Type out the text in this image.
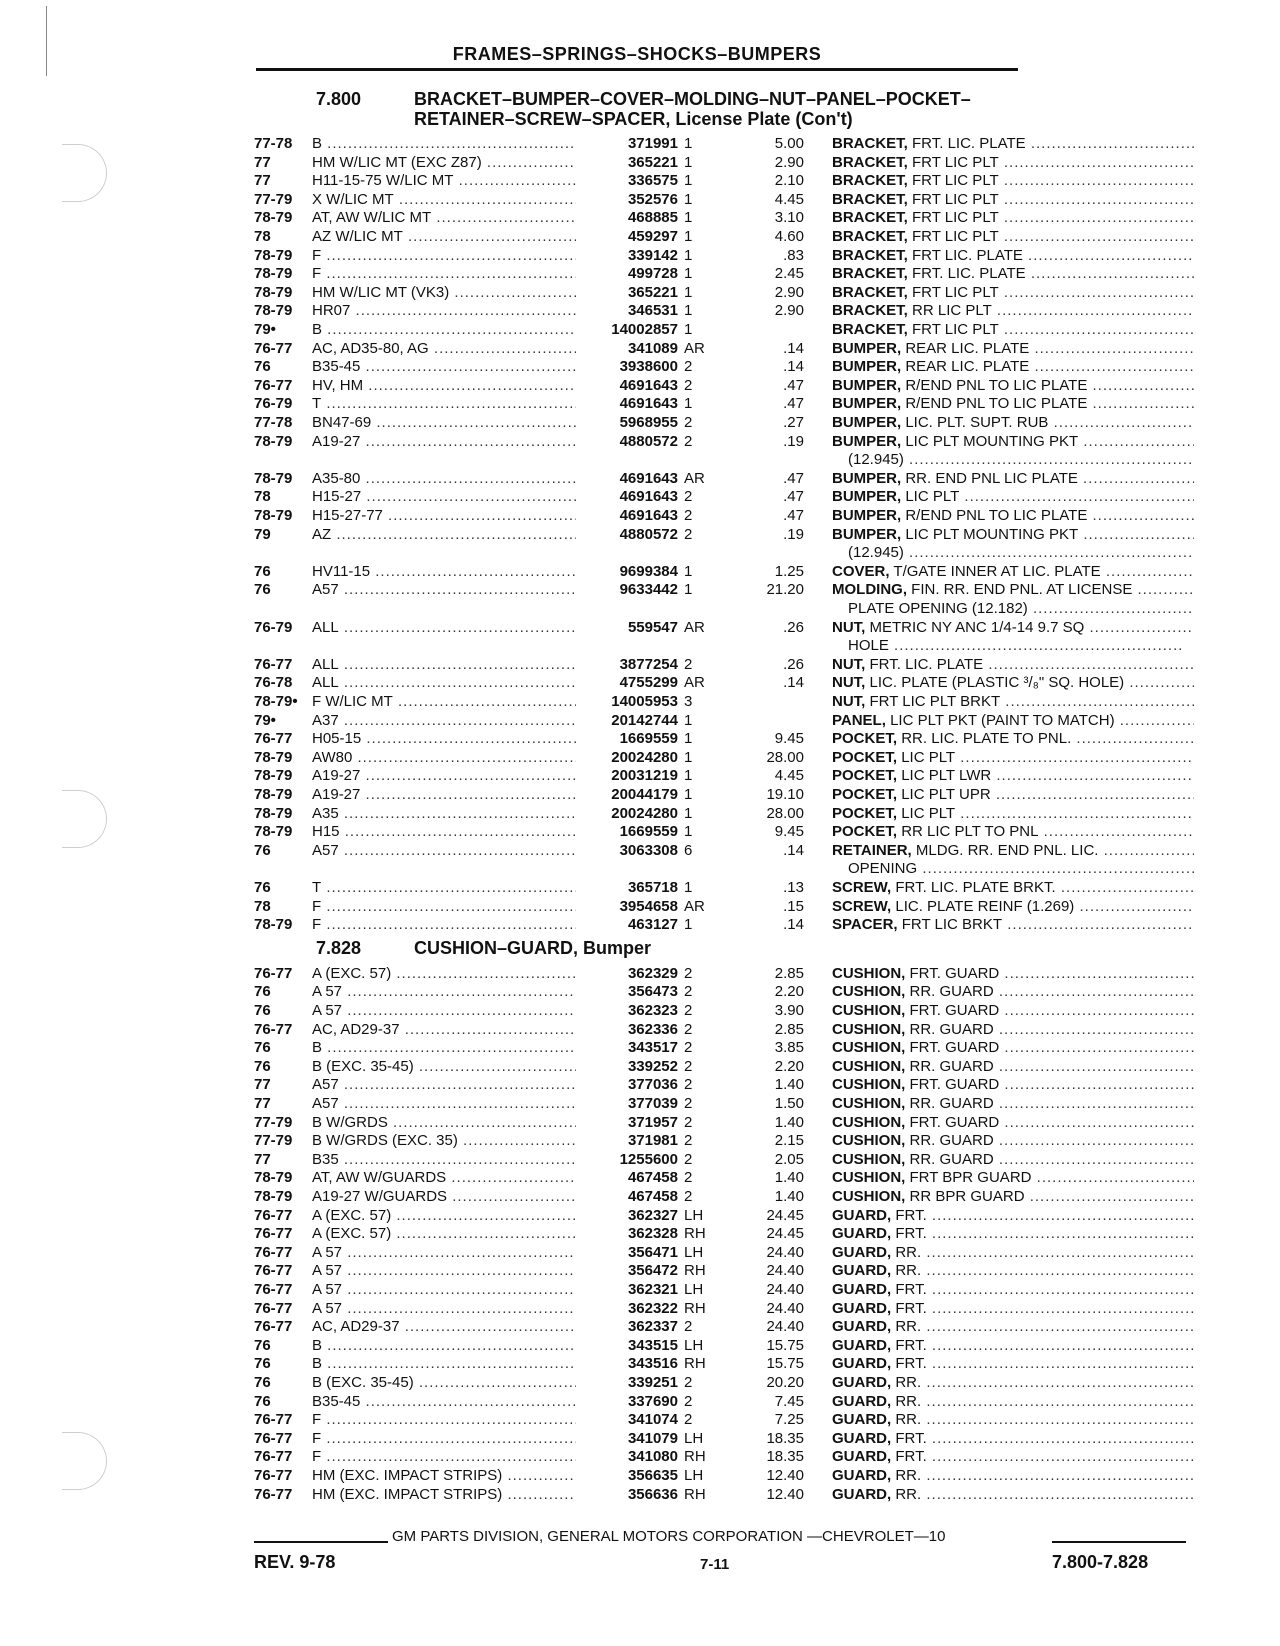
FRAMES–SPRINGS–SHOCKS–BUMPERS
7.800	BRACKET–BUMPER–COVER–MOLDING–NUT–PANEL–POCKET–
RETAINER–SCREW–SPACER, License Plate (Con't)
77-78	B .....	371991 1	5.00 BRACKET, FRT. LIC. PLATE .....
77	HM W/LIC MT (EXC Z87) .....	365221 1	2.90 BRACKET, FRT LIC PLT .....
77	H11-15-75 W/LIC MT .....	336575 1	2.10 BRACKET, FRT LIC PLT .....
77-79	X W/LIC MT .....	352576 1	4.45 BRACKET, FRT LIC PLT .....
78-79	AT, AW W/LIC MT .....	468885 1	3.10 BRACKET, FRT LIC PLT .....
78	AZ W/LIC MT .....	459297 1	4.60 BRACKET, FRT LIC PLT .....
78-79	F .....	339142 1	.83 BRACKET, FRT LIC. PLATE .....
78-79	F .....	499728 1	2.45 BRACKET, FRT. LIC. PLATE .....
78-79	HM W/LIC MT (VK3) .....	365221 1	2.90 BRACKET, FRT LIC PLT .....
78-79	HR07 .....	346531 1	2.90 BRACKET, RR LIC PLT .....
79•	B .....	14002857 1	BRACKET, FRT LIC PLT .....
76-77	AC, AD35-80, AG .....	341089 AR	.14 BUMPER, REAR LIC. PLATE .....
76	B35-45 .....	3938600 2	.14 BUMPER, REAR LIC. PLATE .....
76-77	HV, HM .....	4691643 2	.47 BUMPER, R/END PNL TO LIC PLATE .....
76-79	T .....	4691643 1	.47 BUMPER, R/END PNL TO LIC PLATE .....
77-78	BN47-69 .....	5968955 2	.27 BUMPER, LIC. PLT. SUPT. RUB .....
78-79	A19-27 .....	4880572 2	.19 BUMPER, LIC PLT MOUNTING PKT .....
(12.945) .....
78-79	A35-80 .....	4691643 AR	.47 BUMPER, RR. END PNL LIC PLATE .....
78	H15-27 .....	4691643 2	.47 BUMPER, LIC PLT .....
78-79	H15-27-77 .....	4691643 2	.47 BUMPER, R/END PNL TO LIC PLATE .....
79	AZ .....	4880572 2	.19 BUMPER, LIC PLT MOUNTING PKT .....
(12.945) .....
76	HV11-15 .....	9699384 1	1.25 COVER, T/GATE INNER AT LIC. PLATE .....
76	A57 .....	9633442 1	21.20 MOLDING, FIN. RR. END PNL. AT LICENSE .....
PLATE OPENING (12.182) .....
76-79	ALL .....	559547 AR	.26 NUT, METRIC NY ANC 1/4-14 9.7 SQ .....
HOLE .....
76-77	ALL .....	3877254 2	.26 NUT, FRT. LIC. PLATE .....
76-78	ALL .....	4755299 AR	.14 NUT, LIC. PLATE (PLASTIC ³/₈" SQ. HOLE) .....
78-79• F W/LIC MT .....	14005953 3	NUT, FRT LIC PLT BRKT .....
79•	A37 .....	20142744 1	PANEL, LIC PLT PKT (PAINT TO MATCH) .....
76-77	H05-15 .....	1669559 1	9.45 POCKET, RR. LIC. PLATE TO PNL. .....
78-79	AW80 .....	20024280 1	28.00 POCKET, LIC PLT .....
78-79	A19-27 .....	20031219 1	4.45 POCKET, LIC PLT LWR .....
78-79	A19-27 .....	20044179 1	19.10 POCKET, LIC PLT UPR .....
78-79	A35 .....	20024280 1	28.00 POCKET, LIC PLT .....
78-79	H15 .....	1669559 1	9.45 POCKET, RR LIC PLT TO PNL .....
76	A57 .....	3063308 6	.14 RETAINER, MLDG. RR. END PNL. LIC. .....
OPENING .....
76	T .....	365718 1	.13 SCREW, FRT. LIC. PLATE BRKT. .....
78	F .....	3954658 AR	.15 SCREW, LIC. PLATE REINF (1.269) .....
78-79	F .....	463127 1	.14 SPACER, FRT LIC BRKT .....
7.828	CUSHION–GUARD, Bumper
76-77	A (EXC. 57) .....	362329 2	2.85 CUSHION, FRT. GUARD .....
76	A 57 .....	356473 2	2.20 CUSHION, RR. GUARD .....
76	A 57 .....	362323 2	3.90 CUSHION, FRT. GUARD .....
76-77	AC, AD29-37 .....	362336 2	2.85 CUSHION, RR. GUARD .....
76	B .....	343517 2	3.85 CUSHION, FRT. GUARD .....
76	B (EXC. 35-45) .....	339252 2	2.20 CUSHION, RR. GUARD .....
77	A57 .....	377036 2	1.40 CUSHION, FRT. GUARD .....
77	A57 .....	377039 2	1.50 CUSHION, RR. GUARD .....
77-79	B W/GRDS .....	371957 2	1.40 CUSHION, FRT. GUARD .....
77-79	B W/GRDS (EXC. 35) .....	371981 2	2.15 CUSHION, RR. GUARD .....
77	B35 .....	1255600 2	2.05 CUSHION, RR. GUARD .....
78-79	AT, AW W/GUARDS .....	467458 2	1.40 CUSHION, FRT BPR GUARD .....
78-79	A19-27 W/GUARDS .....	467458 2	1.40 CUSHION, RR BPR GUARD .....
76-77	A (EXC. 57) .....	362327 LH	24.45 GUARD, FRT. .....
76-77	A (EXC. 57) .....	362328 RH	24.45 GUARD, FRT. .....
76-77	A 57 .....	356471 LH	24.40 GUARD, RR. .....
76-77	A 57 .....	356472 RH	24.40 GUARD, RR. .....
76-77	A 57 .....	362321 LH	24.40 GUARD, FRT. .....
76-77	A 57 .....	362322 RH	24.40 GUARD, FRT. .....
76-77	AC, AD29-37 .....	362337 2	24.40 GUARD, RR. .....
76	B .....	343515 LH	15.75 GUARD, FRT. .....
76	B .....	343516 RH	15.75 GUARD, FRT. .....
76	B (EXC. 35-45) .....	339251 2	20.20 GUARD, RR. .....
76	B35-45 .....	337690 2	7.45 GUARD, RR. .....
76-77	F .....	341074 2	7.25 GUARD, RR. .....
76-77	F .....	341079 LH	18.35 GUARD, FRT. .....
76-77	F .....	341080 RH	18.35 GUARD, FRT. .....
76-77	HM (EXC. IMPACT STRIPS) .....	356635 LH	12.40 GUARD, RR. .....
76-77	HM (EXC. IMPACT STRIPS) .....	356636 RH	12.40 GUARD, RR. .....
GM PARTS DIVISION, GENERAL MOTORS CORPORATION —CHEVROLET—10
REV. 9-78	7-11	7.800-7.828
